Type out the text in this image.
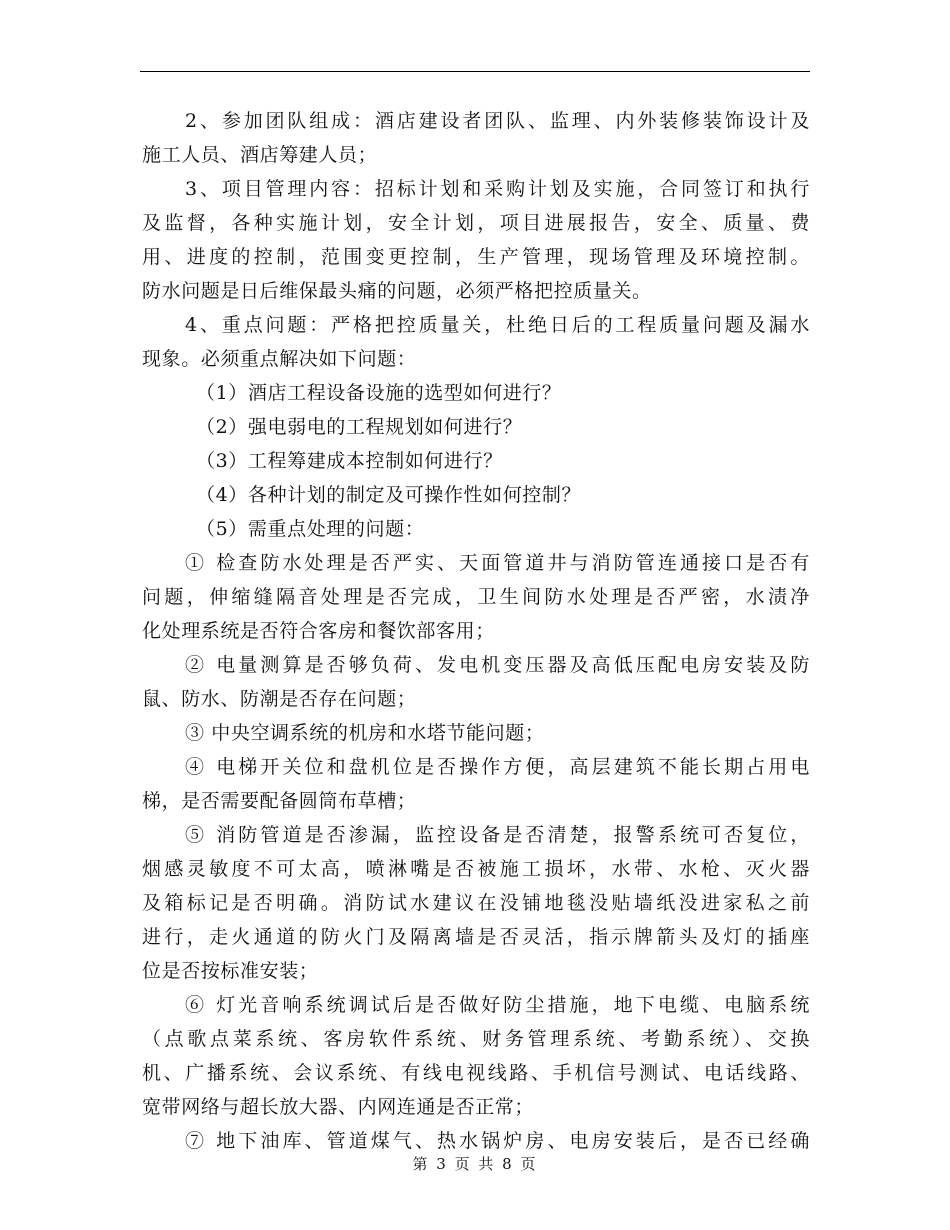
2、参加团队组成：酒店建设者团队、监理、内外装修装饰设计及
施工人员、酒店筹建人员；
3、项目管理内容：招标计划和采购计划及实施，合同签订和执行
及监督，各种实施计划，安全计划，项目进展报告，安全、质量、费
用、进度的控制，范围变更控制，生产管理，现场管理及环境控制。
防水问题是日后维保最头痛的问题，必须严格把控质量关。
4、重点问题：严格把控质量关，杜绝日后的工程质量问题及漏水
现象。必须重点解决如下问题：
（1）酒店工程设备设施的选型如何进行？
（2）强电弱电的工程规划如何进行？
（3）工程筹建成本控制如何进行？
（4）各种计划的制定及可操作性如何控制？
（5）需重点处理的问题：
① 检查防水处理是否严实、天面管道井与消防管连通接口是否有
问题，伸缩缝隔音处理是否完成，卫生间防水处理是否严密，水渍净
化处理系统是否符合客房和餐饮部客用；
② 电量测算是否够负荷、发电机变压器及高低压配电房安装及防
鼠、防水、防潮是否存在问题；
③ 中央空调系统的机房和水塔节能问题；
④ 电梯开关位和盘机位是否操作方便，高层建筑不能长期占用电
梯，是否需要配备圆筒布草槽；
⑤ 消防管道是否渗漏，监控设备是否清楚，报警系统可否复位，
烟感灵敏度不可太高，喷淋嘴是否被施工损坏，水带、水枪、灭火器
及箱标记是否明确。消防试水建议在没铺地毯没贴墙纸没进家私之前
进行，走火通道的防火门及隔离墙是否灵活，指示牌箭头及灯的插座
位是否按标准安装；
⑥ 灯光音响系统调试后是否做好防尘措施，地下电缆、电脑系统
（点歌点菜系统、客房软件系统、财务管理系统、考勤系统）、交换
机、广播系统、会议系统、有线电视线路、手机信号测试、电话线路、
宽带网络与超长放大器、内网连通是否正常；
⑦ 地下油库、管道煤气、热水锅炉房、电房安装后，是否已经确
第 3 页 共 8 页
